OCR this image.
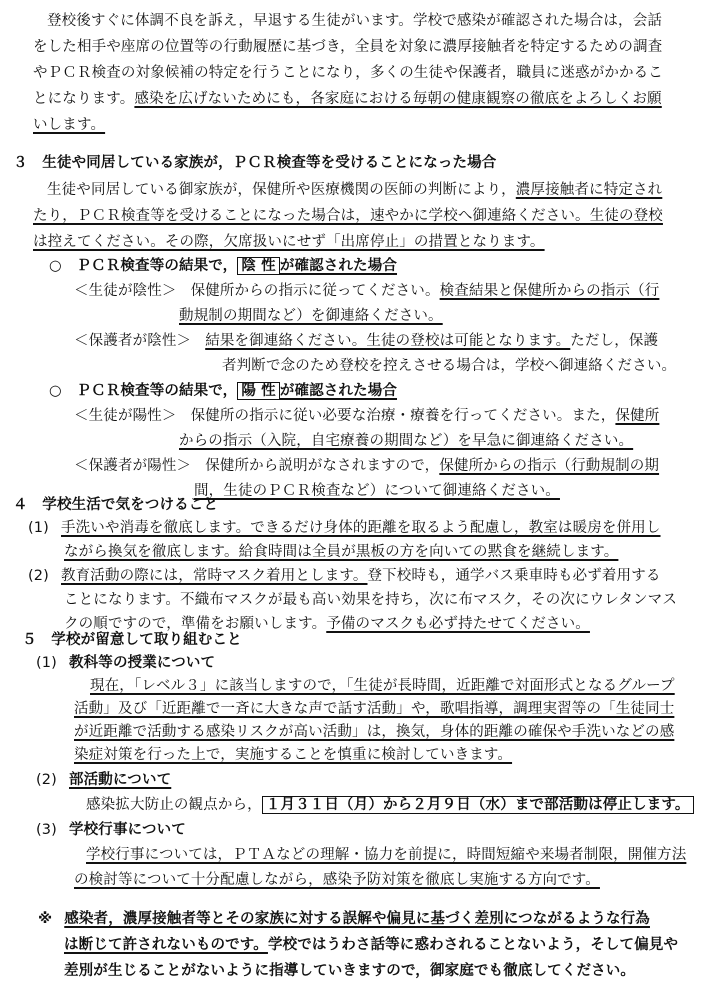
登校後すぐに体調不良を訴え，早退する生徒がいます。学校で感染が確認された場合は，会話
をした相手や座席の位置等の行動履歴に基づき，全員を対象に濃厚接触者を特定するための調査
やＰＣＲ検査の対象候補の特定を行うことになり，多くの生徒や保護者，職員に迷惑がかかるこ
とになります。感染を広げないためにも，各家庭における毎朝の健康観察の徹底をよろしくお願
いします。
３　生徒や同居している家族が，ＰＣＲ検査等を受けることになった場合
生徒や同居している御家族が，保健所や医療機関の医師の判断により，濃厚接触者に特定され
たり，ＰＣＲ検査等を受けることになった場合は，速やかに学校へ御連絡ください。生徒の登校
は控えてください。その際，欠席扱いにせず「出席停止」の措置となります。
○　ＰＣＲ検査等の結果で， 陰 性 が確認された場合
＜生徒が陰性＞ 保健所からの指示に従ってください。検査結果と保健所からの指示（行
動規制の期間など）を御連絡ください。
＜保護者が陰性＞ 結果を御連絡ください。生徒の登校は可能となります。ただし，保護
者判断で念のため登校を控えさせる場合は，学校へ御連絡ください。
○　ＰＣＲ検査等の結果で， 陽 性 が確認された場合
＜生徒が陽性＞ 保健所の指示に従い必要な治療・療養を行ってください。また，保健所
からの指示（入院，自宅療養の期間など）を早急に御連絡ください。
＜保護者が陽性＞ 保健所から説明がなされますので，保健所からの指示（行動規制の期
間，生徒のＰＣＲ検査など）について御連絡ください。
４　学校生活で気をつけること
(1) 手洗いや消毒を徹底します。できるだけ身体的距離を取るよう配慮し，教室は暖房を併用し
ながら換気を徹底します。給食時間は全員が黒板の方を向いての黙食を継続します。
(2) 教育活動の際には，常時マスク着用とします。登下校時も，通学バス乗車時も必ず着用する
ことになります。不織布マスクが最も高い効果を持ち，次に布マスク，その次にウレタンマス
クの順ですので，準備をお願いします。予備のマスクも必ず持たせてください。
５　学校が留意して取り組むこと
(1) 教科等の授業について
現在，「レベル３」に該当しますので，「生徒が長時間，近距離で対面形式となるグループ
活動」及び「近距離で一斉に大きな声で話す活動」や，歌唱指導，調理実習等の「生徒同士
が近距離で活動する感染リスクが高い活動」は，換気，身体的距離の確保や手洗いなどの感
染症対策を行った上で，実施することを慎重に検討していきます。
(2) 部活動について
感染拡大防止の観点から， １月３１日（月）から２月９日（水）まで部活動は停止します。
(3) 学校行事について
学校行事については，ＰＴＡなどの理解・協力を前提に，時間短縮や来場者制限，開催方法
の検討等について十分配慮しながら，感染予防対策を徹底し実施する方向です。
※ 感染者，濃厚接触者等とその家族に対する誤解や偏見に基づく差別につながるような行為
は断じて許されないものです。学校ではうわさ話等に惑わされることないよう，そして偏見や
差別が生じることがないように指導していきますので，御家庭でも徹底してください。
